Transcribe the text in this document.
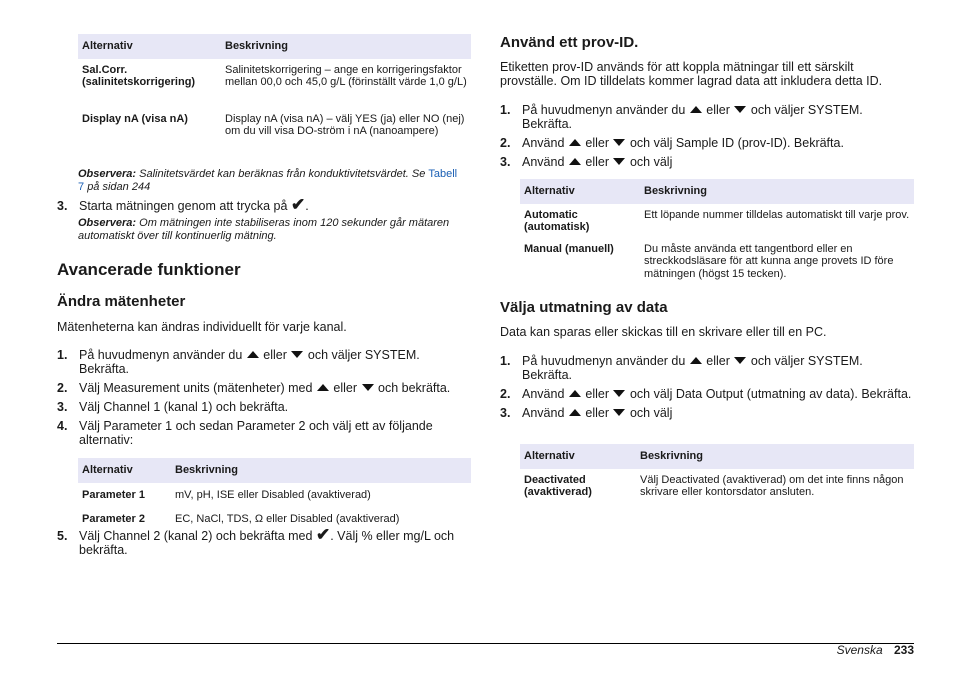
Alternativ	Beskrivning
Sal.Corr. (salinitetskorrigering)	Salinitetskorrigering – ange en korrigeringsfaktor mellan 00,0 och 45,0 g/L (förinställt värde 1,0 g/L)
Display nA (visa nA)	Display nA (visa nA) – välj YES (ja) eller NO (nej) om du vill visa DO-ström i nA (nanoampere)
Observera: Salinitetsvärdet kan beräknas från konduktivitetsvärdet. Se Tabell 7 på sidan 244
3. Starta mätningen genom att trycka på ✔.
Observera: Om mätningen inte stabiliseras inom 120 sekunder går mätaren automatiskt över till kontinuerlig mätning.
Avancerade funktioner
Ändra mätenheter

Mätenheterna kan ändras individuellt för varje kanal.

1. På huvudmenyn använder du eller och väljer SYSTEM. Bekräfta.
2. Välj Measurement units (mätenheter) med eller och bekräfta.
3. Välj Channel 1 (kanal 1) och bekräfta.
4. Välj Parameter 1 och sedan Parameter 2 och välj ett av följande alternativ:
Alternativ	Beskrivning
Parameter 1	mV, pH, ISE eller Disabled (avaktiverad)
Parameter 2	EC, NaCl, TDS, Ω eller Disabled (avaktiverad)
5. Välj Channel 2 (kanal 2) och bekräfta med ✔. Välj % eller mg/L och bekräfta.
Använd ett prov-ID.

Etiketten prov-ID används för att koppla mätningar till ett särskilt provställe. Om ID tilldelats kommer lagrad data att inkludera detta ID.

1. På huvudmenyn använder du eller och väljer SYSTEM. Bekräfta.
2. Använd eller och välj Sample ID (prov-ID). Bekräfta.
3. Använd eller och välj
Alternativ	Beskrivning
Automatic (automatisk)	Ett löpande nummer tilldelas automatiskt till varje prov.
Manual (manuell)	Du måste använda ett tangentbord eller en streckkodsläsare för att kunna ange provets ID före mätningen (högst 15 tecken).
Välja utmatning av data

Data kan sparas eller skickas till en skrivare eller till en PC.

1. På huvudmenyn använder du eller och väljer SYSTEM. Bekräfta.
2. Använd eller och välj Data Output (utmatning av data). Bekräfta.
3. Använd eller och välj
Alternativ	Beskrivning
Deactivated (avaktiverad)	Välj Deactivated (avaktiverad) om det inte finns någon skrivare eller kontorsdator ansluten.
Svenska 233
